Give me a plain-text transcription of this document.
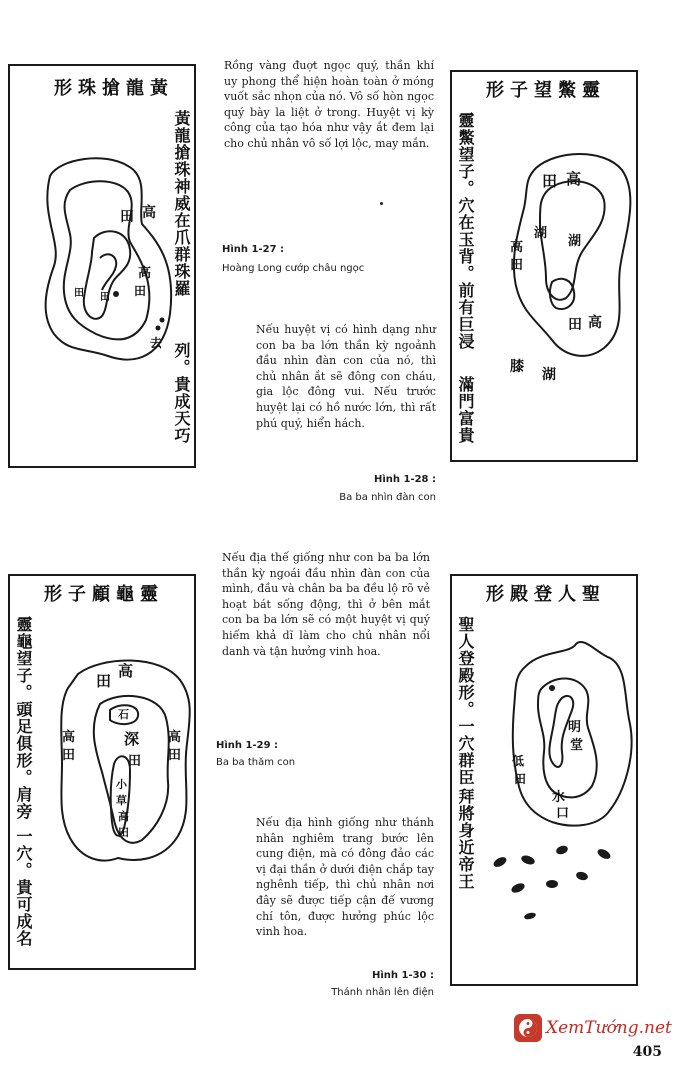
形珠搶龍黃
黃龍搶珠神威在爪群珠羅
列。貴成天巧
高
田
高
田
田 田
去

Rồng vàng đuợt ngọc quý, thần khí uy phong thể hiện hoàn toàn ở móng vuốt sắc nhọn của nó. Vô số hòn ngọc quý bày la liệt ở trong. Huyệt vị kỳ công của tạo hóa như vậy ắt đem lại cho chủ nhân vô số lợi lộc, may mắn.

Hình 1-27 :
Hoàng Long cướp châu ngọc
形子望鱉靈
靈鱉望子。穴在玉背。前有巨浸
滿門富貴
高
田
湖
湖
高
田
高
田
膝 湖

Nếu huyệt vị có hình dạng như con ba ba lớn thần kỳ ngoảnh đầu nhìn đàn con của nó, thì chủ nhân ắt sẽ đông con cháu, gia lộc đông vui. Nếu trước huyệt lại có hồ nước lớn, thì rất phú quý, hiển hách.

Hình 1-28 :
Ba ba nhìn đàn con
形子顧龜靈
靈龜望子。頭足俱形。肩旁
一穴。貴可成名
高
田
高
田
高
田
石
深
田
小
草
高
田

Nếu địa thế giống như con ba ba lớn thần kỳ ngoái đầu nhìn đàn con của mình, đầu và chân ba ba đều lộ rõ vẻ hoạt bát sống động, thì ở bên mắt con ba ba lớn sẽ có một huyệt vị quý hiếm khả dĩ làm cho chủ nhân nổi danh và tận hưởng vinh hoa.

Hình 1-29 :
Ba ba thăm con
形殿登人聖
聖人登殿形。一穴群臣
拜將身近帝王
明
堂
低
田
水
口

Nếu địa hình giống như thánh nhân nghiêm trang bước lên cung điện, mà có đông đảo các vị đại thần ở dưới điện chắp tay nghênh tiếp, thì chủ nhân nơi đây sẽ được tiếp cận đế vương chí tôn, được hưởng phúc lộc vinh hoa.

Hình 1-30 :
Thánh nhân lên điện
XemTướng.net
405
